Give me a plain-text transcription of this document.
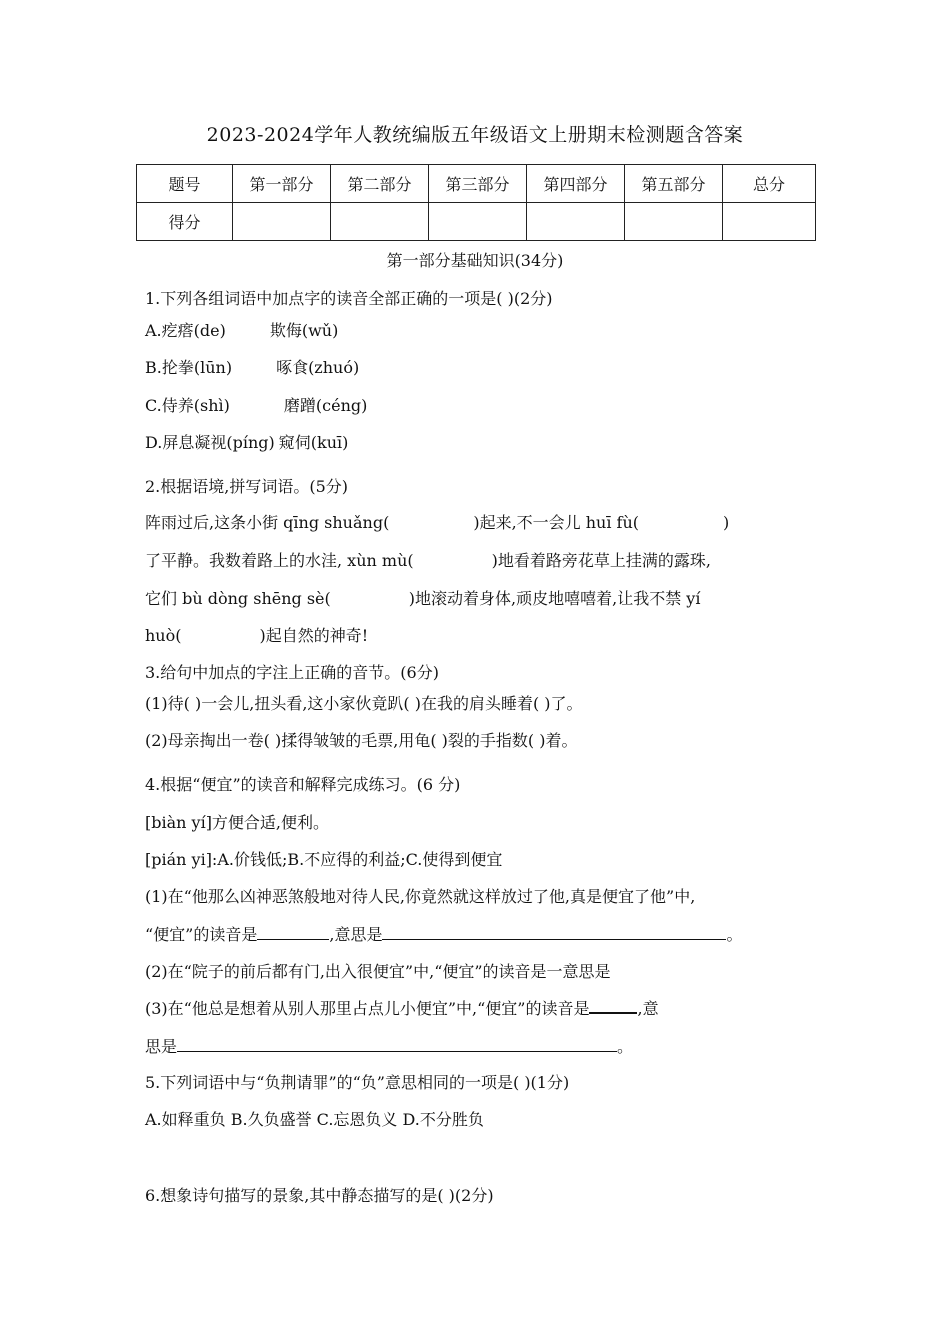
2023-2024学年人教统编版五年级语文上册期末检测题含答案
题号	第一部分	第二部分	第三部分	第四部分	第五部分	总分
得分						
第一部分基础知识(34分)
1.下列各组词语中加点字的读音全部正确的一项是( )(2分)
A.疙瘩(de)	欺侮(wǔ)
B.抡拳(lūn)	啄食(zhuó)
C.侍养(shì)	磨蹭(céng)
D.屏息凝视(píng) 窥伺(kuī)
2.根据语境,拼写词语。(5分)
阵雨过后,这条小街 qīng shuǎng(	)起来,不一会儿 huī fù(	)
了平静。我数着路上的水洼, xùn mù(	)地看着路旁花草上挂满的露珠,
它们 bù dòng shēng sè(	)地滚动着身体,顽皮地嘻嘻着,让我不禁 yí
huò(	)起自然的神奇!
3.给句中加点的字注上正确的音节。(6分)
(1)待( )一会儿,扭头看,这小家伙竟趴( )在我的肩头睡着( )了。
(2)母亲掏出一卷( )揉得皱皱的毛票,用龟( )裂的手指数( )着。
4.根据“便宜”的读音和解释完成练习。(6 分)
[biàn yí]方便合适,便利。
[pián yi]:A.价钱低;B.不应得的利益;C.使得到便宜
(1)在“他那么凶神恶煞般地对待人民,你竟然就这样放过了他,真是便宜了他”中,
“便宜”的读音是	,意思是	。
(2)在“院子的前后都有门,出入很便宜”中,“便宜”的读音是一意思是
(3)在“他总是想着从别人那里占点儿小便宜”中,“便宜”的读音是	,意
思是	。
5.下列词语中与“负荆请罪”的“负”意思相同的一项是( )(1分)
A.如释重负 B.久负盛誉 C.忘恩负义 D.不分胜负
6.想象诗句描写的景象,其中静态描写的是( )(2分)
